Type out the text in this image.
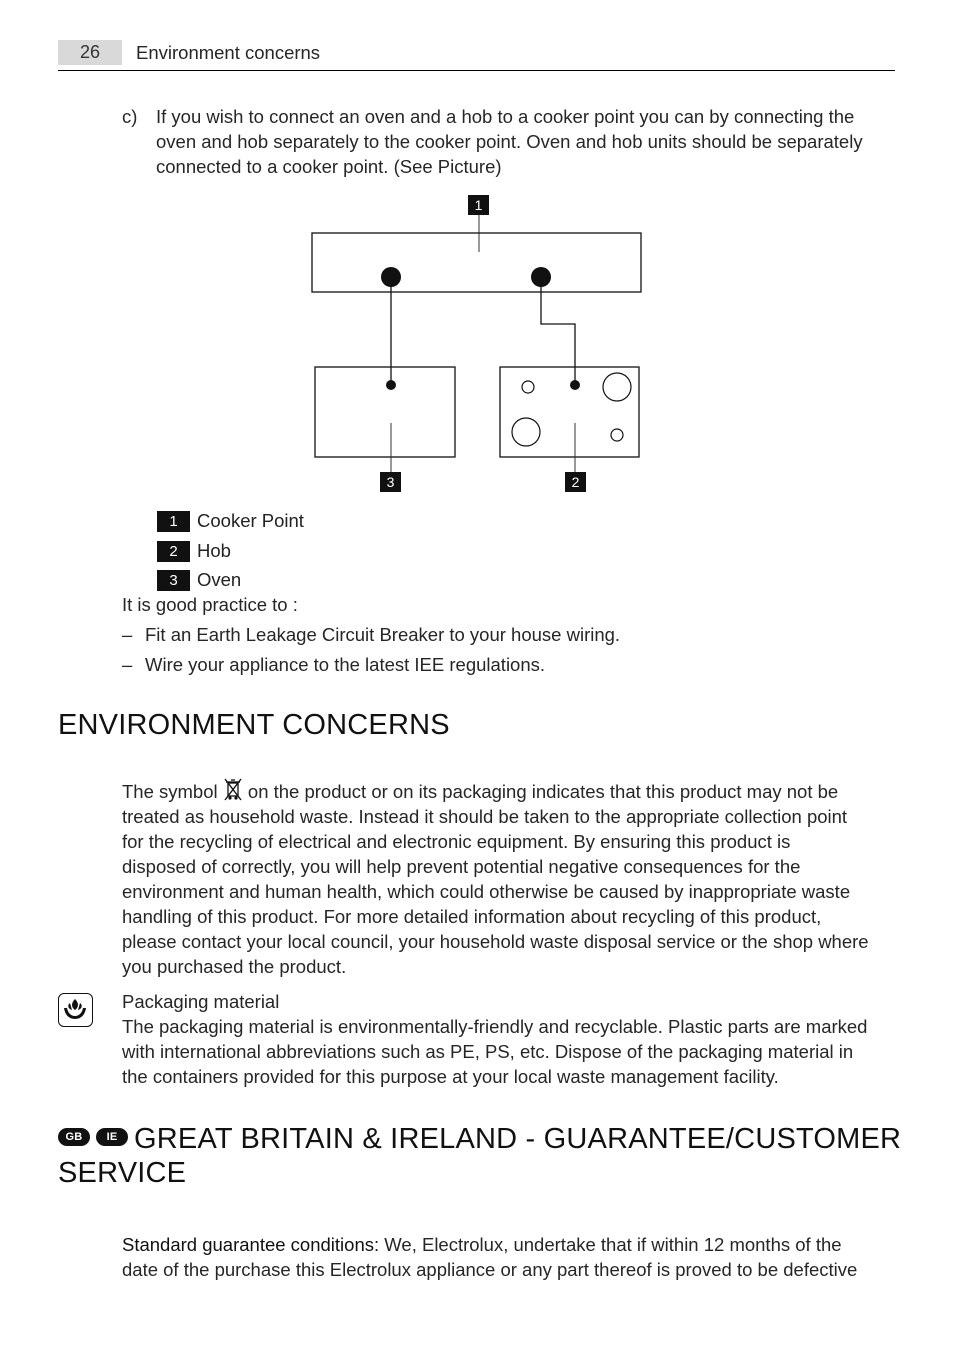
26	Environment concerns
c) If you wish to connect an oven and a hob to a cooker point you can by connecting the
oven and hob separately to the cooker point. Oven and hob units should be separately
connected to a cooker point. (See Picture)
1
3	2
1	Cooker Point
2	Hob
3	Oven
It is good practice to :
– Fit an Earth Leakage Circuit Breaker to your house wiring.
– Wire your appliance to the latest IEE regulations.
ENVIRONMENT CONCERNS
The symbol on the product or on its packaging indicates that this product may not be
treated as household waste. Instead it should be taken to the appropriate collection point
for the recycling of electrical and electronic equipment. By ensuring this product is
disposed of correctly, you will help prevent potential negative consequences for the
environment and human health, which could otherwise be caused by inappropriate waste
handling of this product. For more detailed information about recycling of this product,
please contact your local council, your household waste disposal service or the shop where
you purchased the product.
Packaging material
The packaging material is environmentally-friendly and recyclable. Plastic parts are marked
with international abbreviations such as PE, PS, etc. Dispose of the packaging material in
the containers provided for this purpose at your local waste management facility.
GB IE GREAT BRITAIN & IRELAND - GUARANTEE/CUSTOMER
SERVICE
Standard guarantee conditions: We, Electrolux, undertake that if within 12 months of the
date of the purchase this Electrolux appliance or any part thereof is proved to be defective
